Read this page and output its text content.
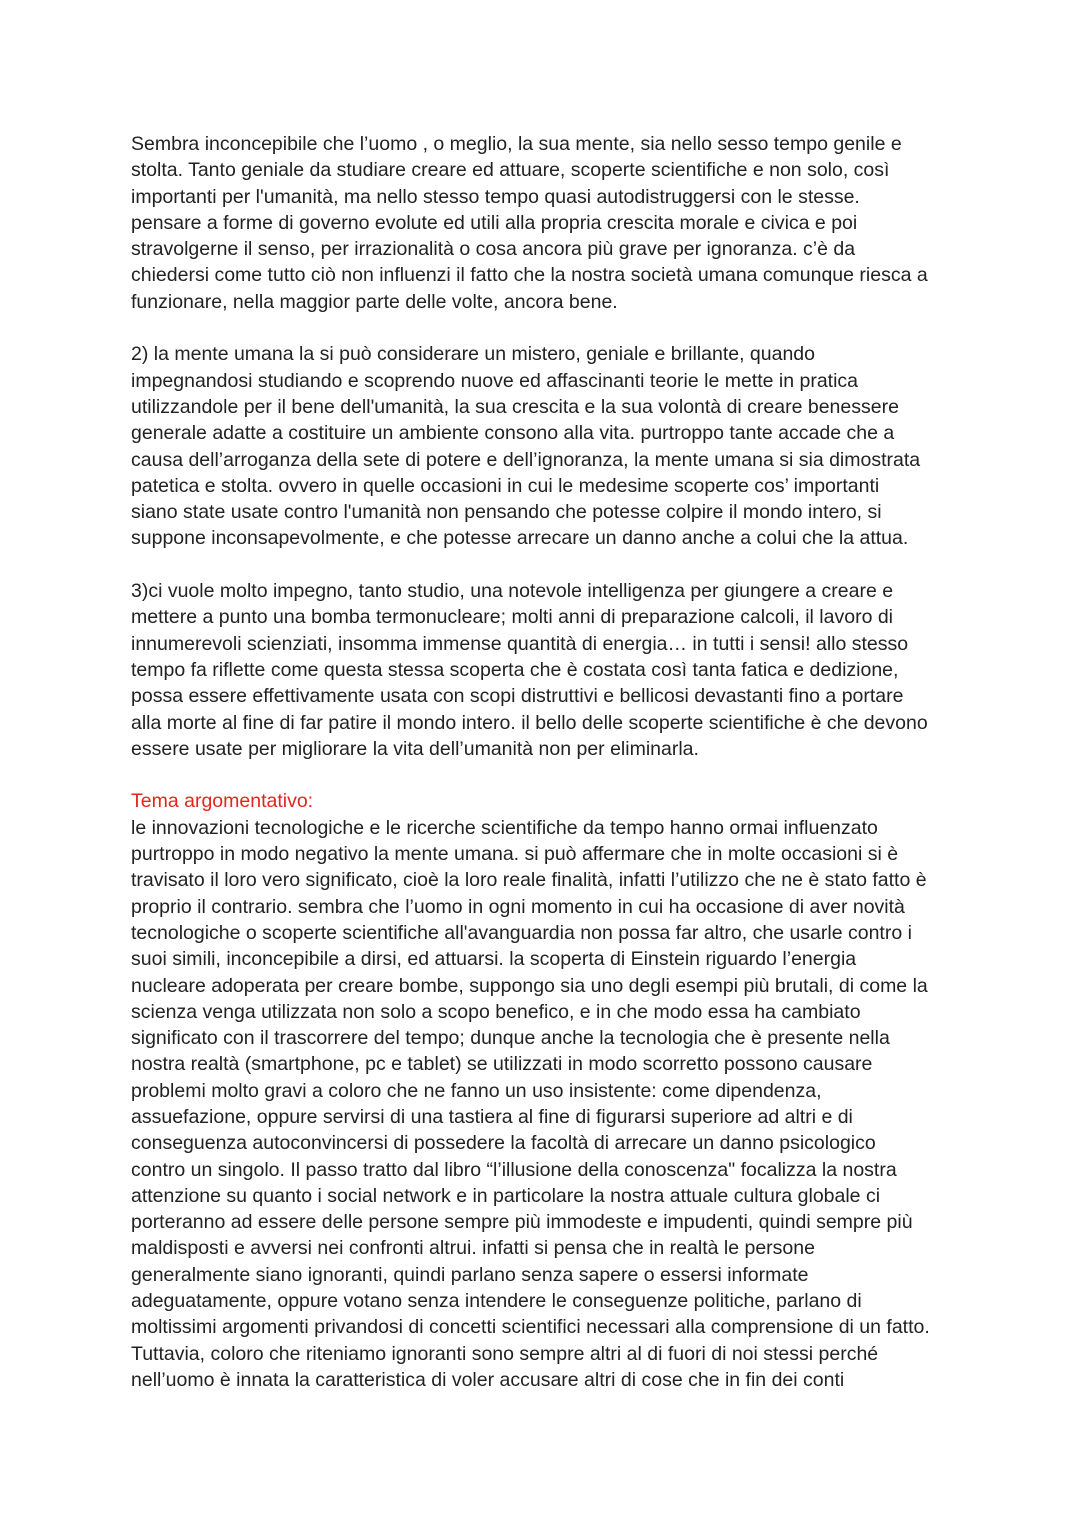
Sembra inconcepibile che l’uomo , o meglio, la sua mente, sia nello sesso tempo genile e
stolta. Tanto geniale da studiare creare ed attuare, scoperte scientifiche e non solo, così
importanti per l'umanità, ma nello stesso tempo quasi autodistruggersi con le stesse.
pensare a forme di governo evolute ed utili alla propria crescita morale e civica e poi
stravolgerne il senso, per irrazionalità o cosa ancora più grave per ignoranza. c’è da
chiedersi come tutto ciò non influenzi il fatto che la nostra società umana comunque riesca a
funzionare, nella maggior parte delle volte, ancora bene.
2) la mente umana la si può considerare un mistero, geniale e brillante, quando
impegnandosi studiando e scoprendo nuove ed affascinanti teorie le mette in pratica
utilizzandole per il bene dell'umanità, la sua crescita e la sua volontà di creare benessere
generale adatte a costituire un ambiente consono alla vita. purtroppo tante accade che a
causa dell’arroganza della sete di potere e dell’ignoranza, la mente umana si sia dimostrata
patetica e stolta. ovvero in quelle occasioni in cui le medesime scoperte cos’ importanti
siano state usate contro l'umanità non pensando che potesse colpire il mondo intero, si
suppone inconsapevolmente, e che potesse arrecare un danno anche a colui che la attua.
3)ci vuole molto impegno, tanto studio, una notevole intelligenza per giungere a creare e
mettere a punto una bomba termonucleare; molti anni di preparazione calcoli, il lavoro di
innumerevoli scienziati, insomma immense quantità di energia… in tutti i sensi! allo stesso
tempo fa riflette come questa stessa scoperta che è costata così tanta fatica e dedizione,
possa essere effettivamente usata con scopi distruttivi e bellicosi devastanti fino a portare
alla morte al fine di far patire il mondo intero. il bello delle scoperte scientifiche è che devono
essere usate per migliorare la vita dell’umanità non per eliminarla.
Tema argomentativo:
le innovazioni tecnologiche e le ricerche scientifiche da tempo hanno ormai influenzato
purtroppo in modo negativo la mente umana. si può affermare che in molte occasioni si è
travisato il loro vero significato, cioè la loro reale finalità, infatti l’utilizzo che ne è stato fatto è
proprio il contrario. sembra che l’uomo in ogni momento in cui ha occasione di aver novità
tecnologiche o scoperte scientifiche all'avanguardia non possa far altro, che usarle contro i
suoi simili, inconcepibile a dirsi, ed attuarsi. la scoperta di Einstein riguardo l’energia
nucleare adoperata per creare bombe, suppongo sia uno degli esempi più brutali, di come la
scienza venga utilizzata non solo a scopo benefico, e in che modo essa ha cambiato
significato con il trascorrere del tempo; dunque anche la tecnologia che è presente nella
nostra realtà (smartphone, pc e tablet) se utilizzati in modo scorretto possono causare
problemi molto gravi a coloro che ne fanno un uso insistente: come dipendenza,
assuefazione, oppure servirsi di una tastiera al fine di figurarsi superiore ad altri e di
conseguenza autoconvincersi di possedere la facoltà di arrecare un danno psicologico
contro un singolo. Il passo tratto dal libro “l’illusione della conoscenza" focalizza la nostra
attenzione su quanto i social network e in particolare la nostra attuale cultura globale ci
porteranno ad essere delle persone sempre più immodeste e impudenti, quindi sempre più
maldisposti e avversi nei confronti altrui. infatti si pensa che in realtà le persone
generalmente siano ignoranti, quindi parlano senza sapere o essersi informate
adeguatamente, oppure votano senza intendere le conseguenze politiche, parlano di
moltissimi argomenti privandosi di concetti scientifici necessari alla comprensione di un fatto.
Tuttavia, coloro che riteniamo ignoranti sono sempre altri al di fuori di noi stessi perché
nell’uomo è innata la caratteristica di voler accusare altri di cose che in fin dei conti
